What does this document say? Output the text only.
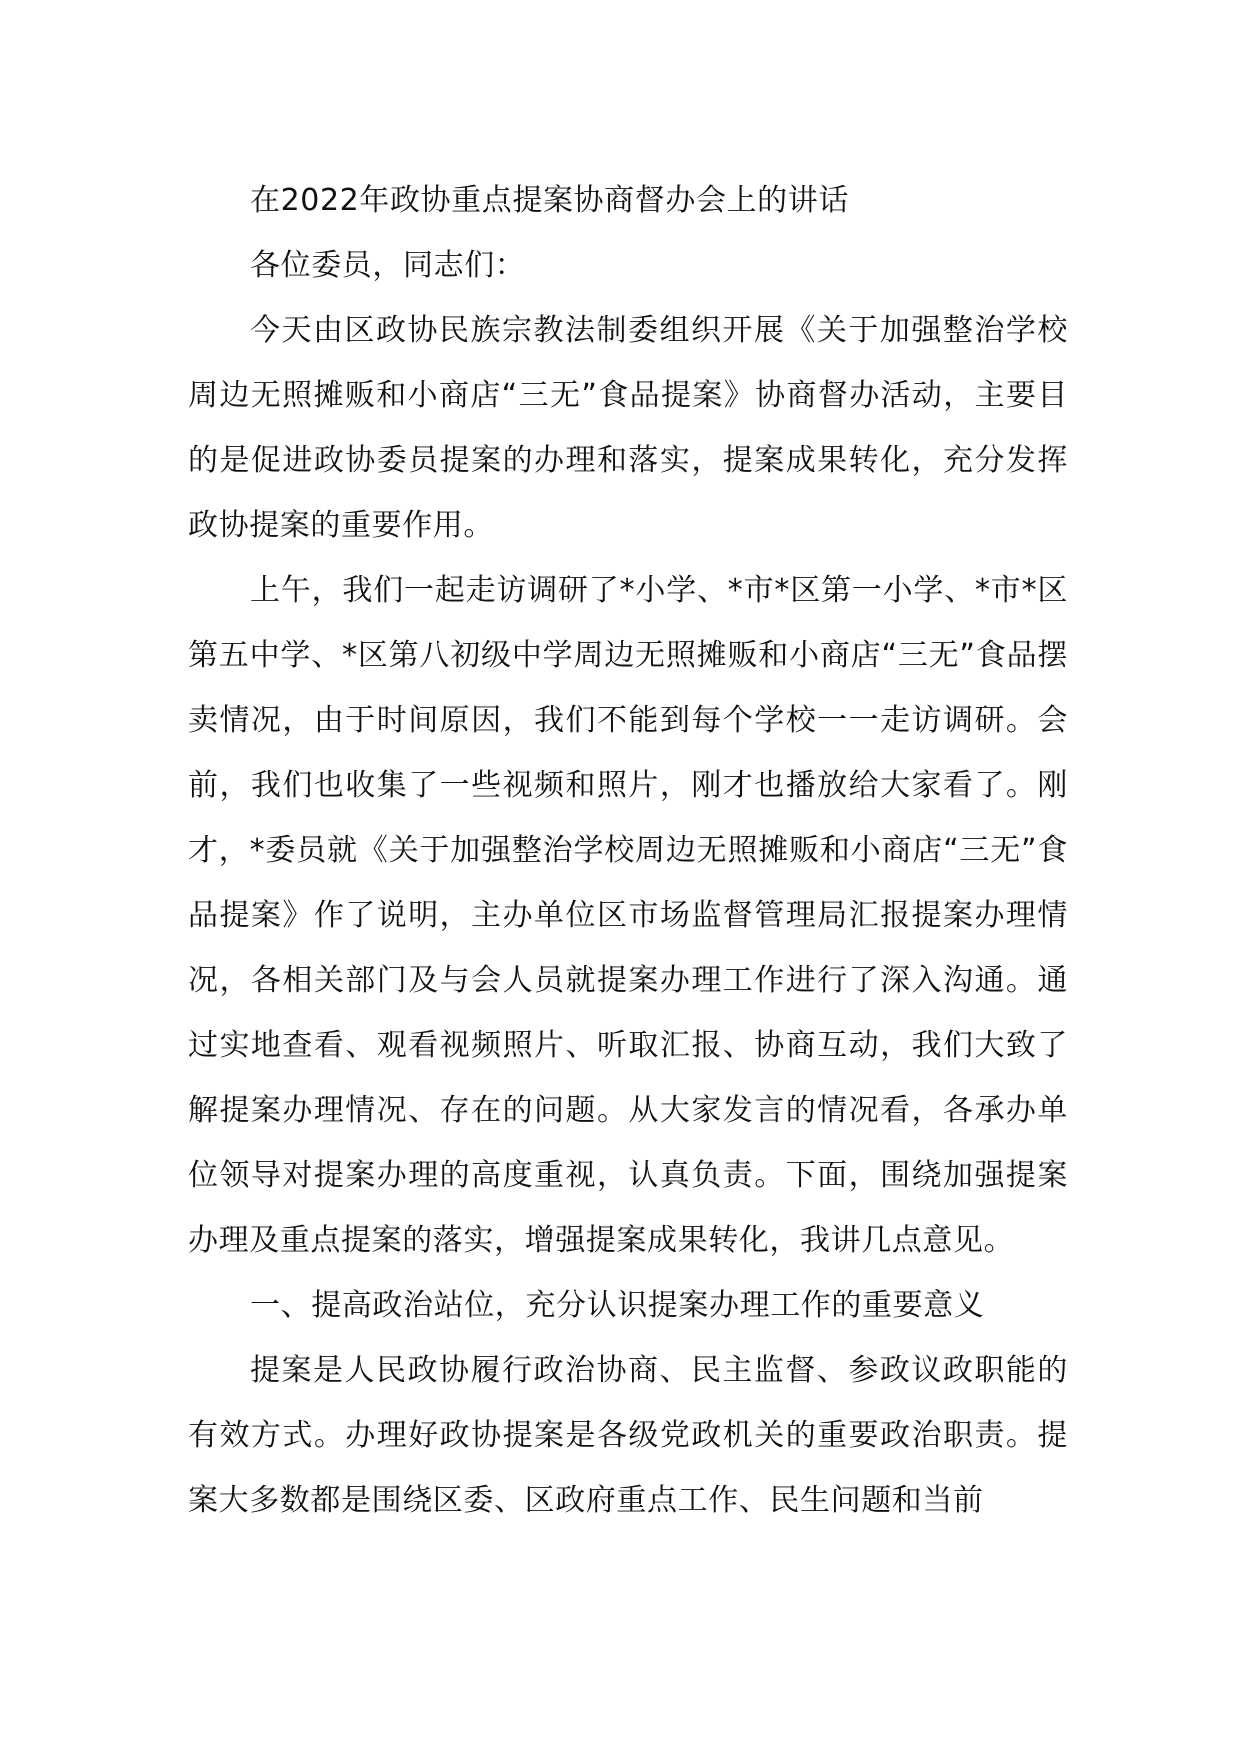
在2022年政协重点提案协商督办会上的讲话

各位委员，同志们：

今天由区政协民族宗教法制委组织开展《关于加强整治学校周边无照摊贩和小商店“三无”食品提案》协商督办活动，主要目的是促进政协委员提案的办理和落实，提案成果转化，充分发挥政协提案的重要作用。

上午，我们一起走访调研了*小学、*市*区第一小学、*市*区第五中学、*区第八初级中学周边无照摊贩和小商店“三无”食品摆卖情况，由于时间原因，我们不能到每个学校一一走访调研。会前，我们也收集了一些视频和照片，刚才也播放给大家看了。刚才，*委员就《关于加强整治学校周边无照摊贩和小商店“三无”食品提案》作了说明，主办单位区市场监督管理局汇报提案办理情况，各相关部门及与会人员就提案办理工作进行了深入沟通。通过实地查看、观看视频照片、听取汇报、协商互动，我们大致了解提案办理情况、存在的问题。从大家发言的情况看，各承办单位领导对提案办理的高度重视，认真负责。下面，围绕加强提案办理及重点提案的落实，增强提案成果转化，我讲几点意见。

一、提高政治站位，充分认识提案办理工作的重要意义

提案是人民政协履行政治协商、民主监督、参政议政职能的有效方式。办理好政协提案是各级党政机关的重要政治职责。提案大多数都是围绕区委、区政府重点工作、民生问题和当前
